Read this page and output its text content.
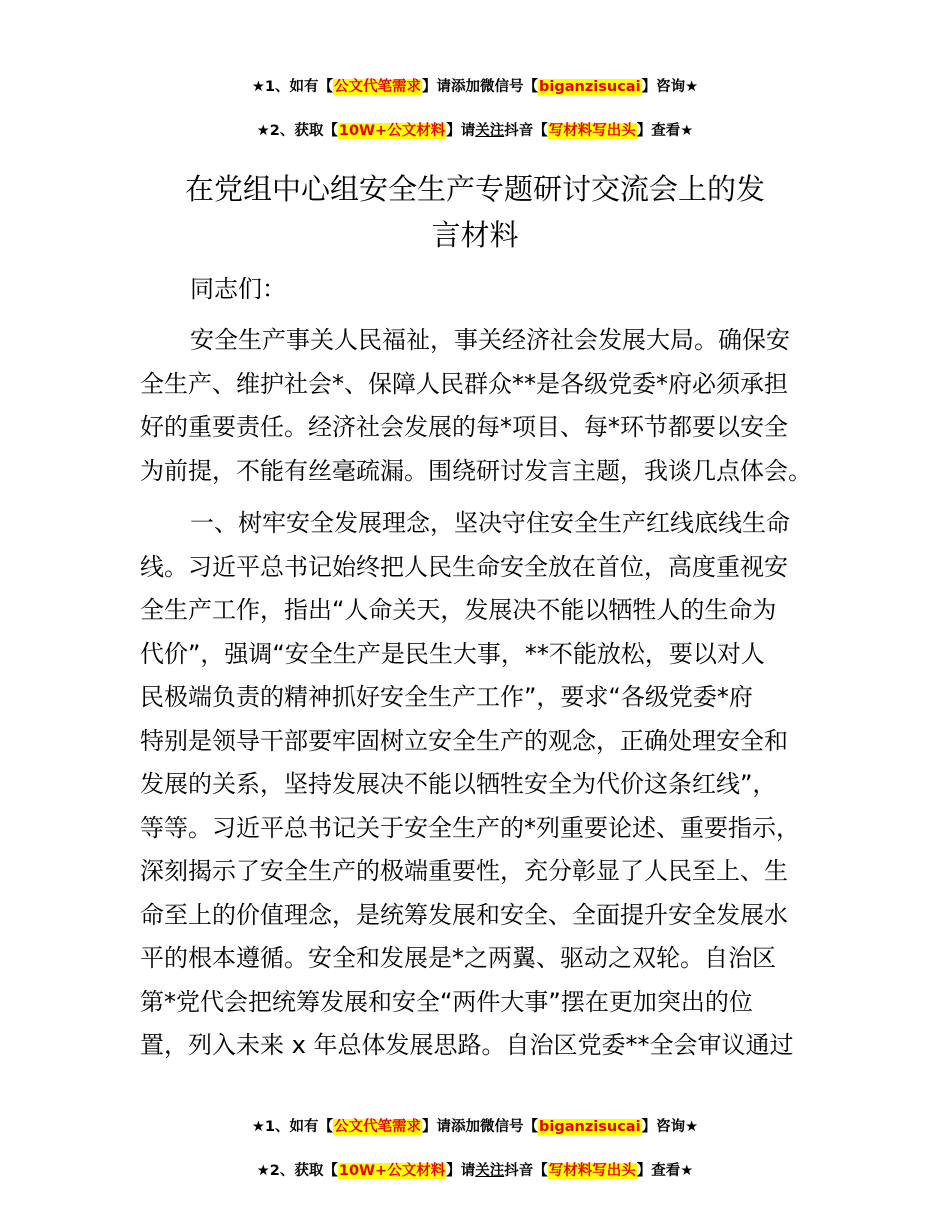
★1、如有【公文代笔需求】请添加微信号【biganzisucai】咨询★
★2、获取【10W+公文材料】请关注抖音【写材料写出头】查看★
在党组中心组安全生产专题研讨交流会上的发
言材料
同志们：
安全生产事关人民福祉，事关经济社会发展大局。确保安
全生产、维护社会*、保障人民群众**是各级党委*府必须承担
好的重要责任。经济社会发展的每*项目、每*环节都要以安全
为前提，不能有丝毫疏漏。围绕研讨发言主题，我谈几点体会。
一、树牢安全发展理念，坚决守住安全生产红线底线生命
线。习近平总书记始终把人民生命安全放在首位，高度重视安
全生产工作，指出“人命关天，发展决不能以牺牲人的生命为
代价”，强调“安全生产是民生大事，**不能放松，要以对人
民极端负责的精神抓好安全生产工作”，要求“各级党委*府
特别是领导干部要牢固树立安全生产的观念，正确处理安全和
发展的关系，坚持发展决不能以牺牲安全为代价这条红线”，
等等。习近平总书记关于安全生产的*列重要论述、重要指示，
深刻揭示了安全生产的极端重要性，充分彰显了人民至上、生
命至上的价值理念，是统筹发展和安全、全面提升安全发展水
平的根本遵循。安全和发展是*之两翼、驱动之双轮。自治区
第*党代会把统筹发展和安全“两件大事”摆在更加突出的位
置，列入未来 x 年总体发展思路。自治区党委**全会审议通过
★1、如有【公文代笔需求】请添加微信号【biganzisucai】咨询★
★2、获取【10W+公文材料】请关注抖音【写材料写出头】查看★
